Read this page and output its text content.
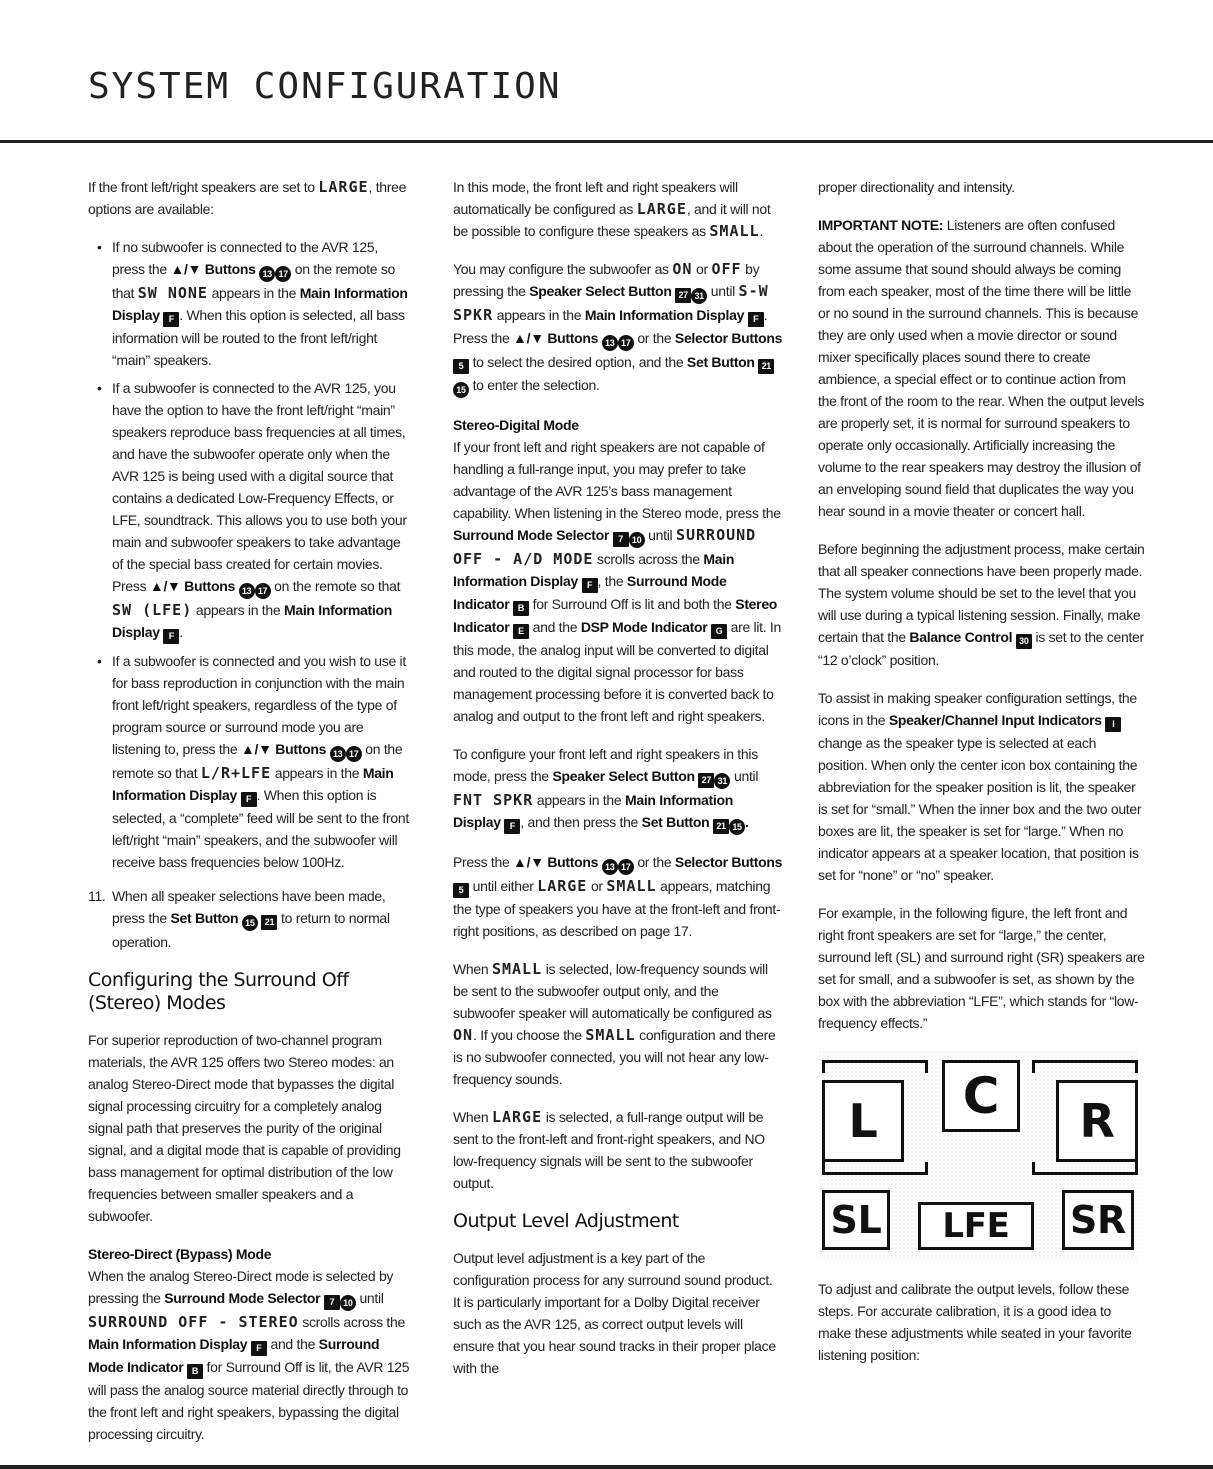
SYSTEM CONFIGURATION

If the front left/right speakers are set to LARGE, three options are available:

• If no subwoofer is connected to the AVR 125, press the ▲/▼ Buttons 13 17 on the remote so that SW NONE appears in the Main Information Display F . When this option is selected, all bass information will be routed to the front left/right “main” speakers.
• If a subwoofer is connected to the AVR 125, you have the option to have the front left/right “main” speakers reproduce bass frequencies at all times, and have the subwoofer operate only when the AVR 125 is being used with a digital source that contains a dedicated Low-Frequency Effects, or LFE, soundtrack. This allows you to use both your main and subwoofer speakers to take advantage of the special bass created for certain movies. Press ▲/▼ Buttons 13 17 on the remote so that SW (LFE) appears in the Main Information Display F .
• If a subwoofer is connected and you wish to use it for bass reproduction in conjunction with the main front left/right speakers, regardless of the type of program source or surround mode you are listening to, press the ▲/▼ Buttons 13 17 on the remote so that L/R+LFE appears in the Main Information Display F . When this option is selected, a “complete” feed will be sent to the front left/right “main” speakers, and the subwoofer will receive bass frequencies below 100Hz.
11. When all speaker selections have been made, press the Set Button 15 21 to return to normal operation.
Configuring the Surround Off (Stereo) Modes

For superior reproduction of two-channel program materials, the AVR 125 offers two Stereo modes: an analog Stereo-Direct mode that bypasses the digital signal processing circuitry for a completely analog signal path that preserves the purity of the original signal, and a digital mode that is capable of providing bass management for optimal distribution of the low frequencies between smaller speakers and a subwoofer.

Stereo-Direct (Bypass) Mode

When the analog Stereo-Direct mode is selected by pressing the Surround Mode Selector 7 10 until SURROUND OFF - STEREO scrolls across the Main Information Display F and the Surround Mode Indicator B for Surround Off is lit, the AVR 125 will pass the analog source material directly through to the front left and right speakers, bypassing the digital processing circuitry.

In this mode, the front left and right speakers will automatically be configured as LARGE, and it will not be possible to configure these speakers as SMALL.

You may configure the subwoofer as ON or OFF by pressing the Speaker Select Button 27 31 until S-W SPKR appears in the Main Information Display F . Press the ▲/▼ Buttons 13 17 or the Selector Buttons 5 to select the desired option, and the Set Button 2115 to enter the selection.

Stereo-Digital Mode

If your front left and right speakers are not capable of handling a full-range input, you may prefer to take advantage of the AVR 125’s bass management capability. When listening in the Stereo mode, press the Surround Mode Selector 7 10 until SURROUND OFF - A/D MODE scrolls across the Main Information Display F , the Surround Mode Indicator B for Surround Off is lit and both the Stereo Indicator E and the DSP Mode Indicator G are lit. In this mode, the analog input will be converted to digital and routed to the digital signal processor for bass management processing before it is converted back to analog and output to the front left and right speakers.

To configure your front left and right speakers in this mode, press the Speaker Select Button 27 31 until FNT SPKR appears in the Main Information Display F , and then press the Set Button 21 15 .

Press the ▲/▼ Buttons 13 17 or the Selector Buttons 5 until either LARGE or SMALL appears, matching the type of speakers you have at the front-left and front-right positions, as described on page 17.

When SMALL is selected, low-frequency sounds will be sent to the subwoofer output only, and the subwoofer speaker will automatically be configured as ON. If you choose the SMALL configuration and there is no subwoofer connected, you will not hear any low-frequency sounds.

When LARGE is selected, a full-range output will be sent to the front-left and front-right speakers, and NO low-frequency signals will be sent to the subwoofer output.

Output Level Adjustment

Output level adjustment is a key part of the configuration process for any surround sound product. It is particularly important for a Dolby Digital receiver such as the AVR 125, as correct output levels will ensure that you hear sound tracks in their proper place with the

proper directionality and intensity.

IMPORTANT NOTE: Listeners are often confused about the operation of the surround channels. While some assume that sound should always be coming from each speaker, most of the time there will be little or no sound in the surround channels. This is because they are only used when a movie director or sound mixer specifically places sound there to create ambience, a special effect or to continue action from the front of the room to the rear. When the output levels are properly set, it is normal for surround speakers to operate only occasionally. Artificially increasing the volume to the rear speakers may destroy the illusion of an enveloping sound field that duplicates the way you hear sound in a movie theater or concert hall.

Before beginning the adjustment process, make certain that all speaker connections have been properly made. The system volume should be set to the level that you will use during a typical listening session. Finally, make certain that the Balance Control 30 is set to the center “12 o’clock” position.

To assist in making speaker configuration settings, the icons in the Speaker/Channel Input Indicators I change as the speaker type is selected at each position. When only the center icon box containing the abbreviation for the speaker position is lit, the speaker is set for “small.” When the inner box and the two outer boxes are lit, the speaker is set for “large.” When no indicator appears at a speaker location, that position is set for “none” or “no” speaker.

For example, in the following figure, the left front and right front speakers are set for “large,” the center, surround left (SL) and surround right (SR) speakers are set for small, and a subwoofer is set, as shown by the box with the abbreviation “LFE”, which stands for “low-frequency effects.”

L C R
SL LFE SR

To adjust and calibrate the output levels, follow these steps. For accurate calibration, it is a good idea to make these adjustments while seated in your favorite listening position:
